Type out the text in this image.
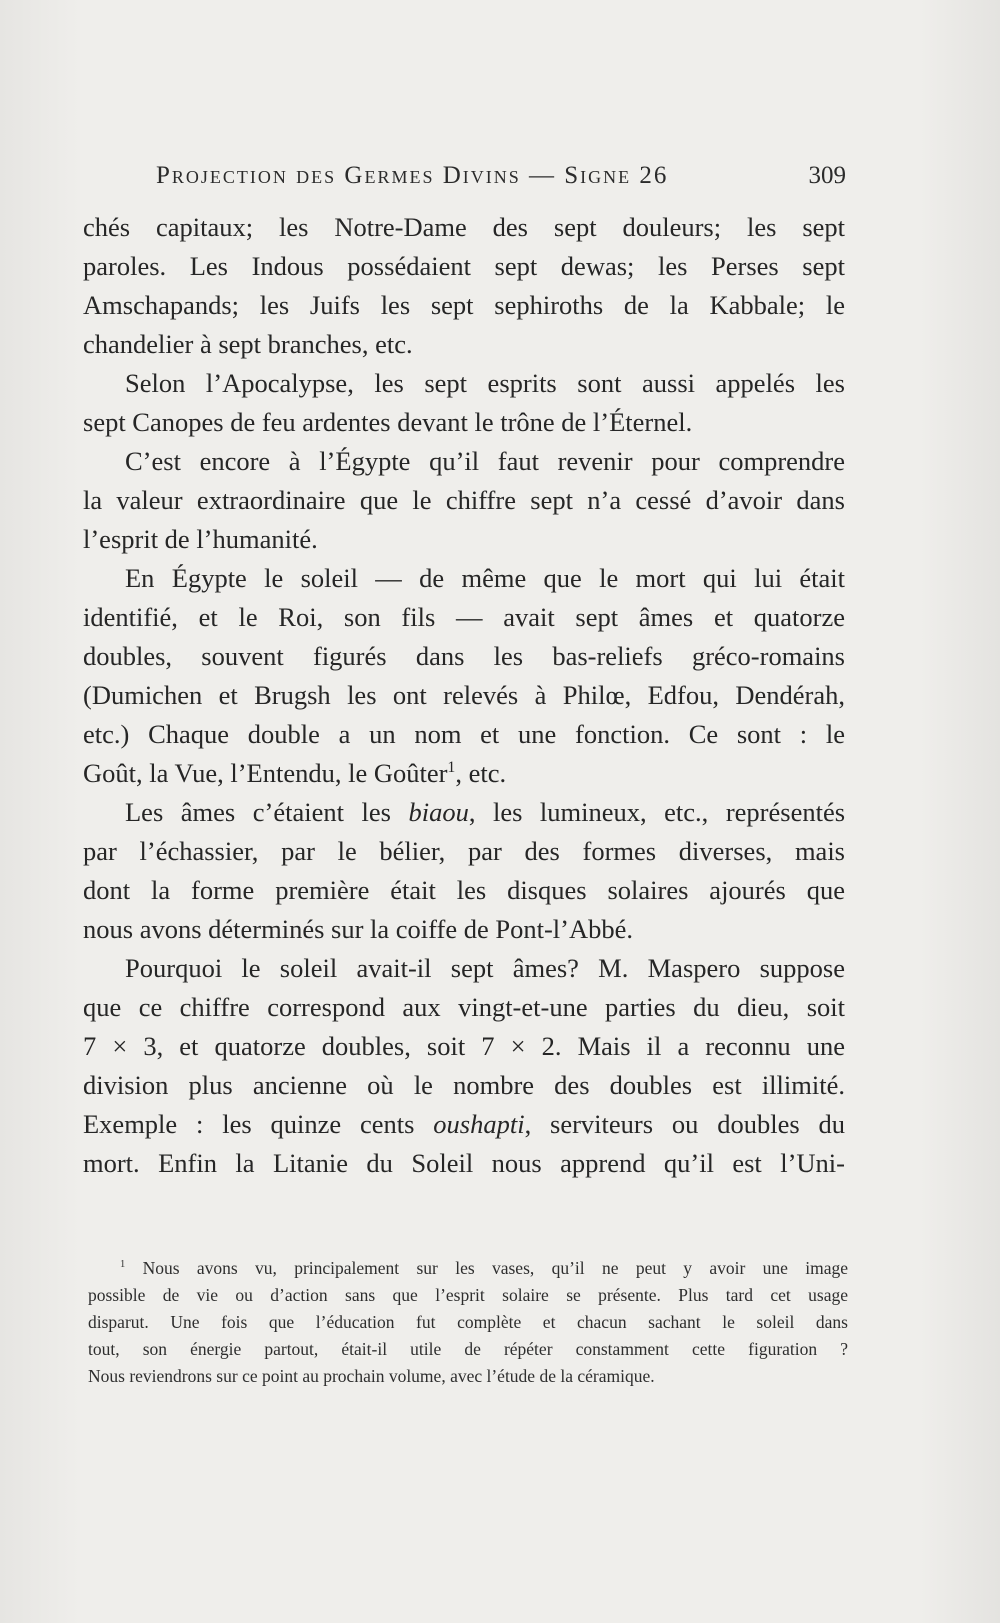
Projection des Germes Divins — Signe 26	309
chés capitaux; les Notre-Dame des sept douleurs; les sept
paroles. Les Indous possédaient sept dewas; les Perses sept
Amschapands; les Juifs les sept sephiroths de la Kabbale; le
chandelier à sept branches, etc.
Selon l’Apocalypse, les sept esprits sont aussi appelés les
sept Canopes de feu ardentes devant le trône de l’Éternel.
C’est encore à l’Égypte qu’il faut revenir pour comprendre
la valeur extraordinaire que le chiffre sept n’a cessé d’avoir dans
l’esprit de l’humanité.
En Égypte le soleil — de même que le mort qui lui était
identifié, et le Roi, son fils — avait sept âmes et quatorze
doubles, souvent figurés dans les bas-reliefs gréco-romains
(Dumichen et Brugsh les ont relevés à Philœ, Edfou, Dendérah,
etc.) Chaque double a un nom et une fonction. Ce sont : le
Goût, la Vue, l’Entendu, le Goûter$^1$, etc.
Les âmes c’étaient les biaou, les lumineux, etc., représentés
par l’échassier, par le bélier, par des formes diverses, mais
dont la forme première était les disques solaires ajourés que
nous avons déterminés sur la coiffe de Pont-l’Abbé.
Pourquoi le soleil avait-il sept âmes? M. Maspero suppose
que ce chiffre correspond aux vingt-et-une parties du dieu, soit
7 × 3, et quatorze doubles, soit 7 × 2. Mais il a reconnu une
division plus ancienne où le nombre des doubles est illimité.
Exemple : les quinze cents oushapti, serviteurs ou doubles du
mort. Enfin la Litanie du Soleil nous apprend qu’il est l’Uni-
$^1$ Nous avons vu, principalement sur les vases, qu’il ne peut y avoir une image
possible de vie ou d’action sans que l’esprit solaire se présente. Plus tard cet usage
disparut. Une fois que l’éducation fut complète et chacun sachant le soleil dans
tout, son énergie partout, était-il utile de répéter constamment cette figuration ?
Nous reviendrons sur ce point au prochain volume, avec l’étude de la céramique.
